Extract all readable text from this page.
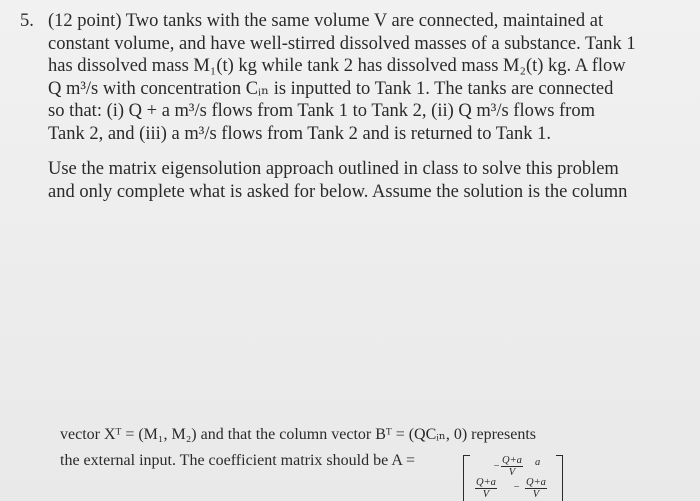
5. (12 point) Two tanks with the same volume V are connected, maintained at
constant volume, and have well-stirred dissolved masses of a substance. Tank 1
has dissolved mass M₁(t) kg while tank 2 has dissolved mass M₂(t) kg. A flow
Q m³/s with concentration Cᵢₙ is inputted to Tank 1. The tanks are connected
so that: (i) Q + a m³/s flows from Tank 1 to Tank 2, (ii) Q m³/s flows from
Tank 2, and (iii) a m³/s flows from Tank 2 and is returned to Tank 1.
Use the matrix eigensolution approach outlined in class to solve this problem
and only complete what is asked for below. Assume the solution is the column
vector Xᵀ = (M₁, M₂) and that the column vector Bᵀ = (QCᵢₙ, 0) represents
the external input. The coefficient matrix should be A =	− $\frac{Q+a}{V}$ a
$\frac{Q+a}{V} - \frac{Q+a}{V}$
